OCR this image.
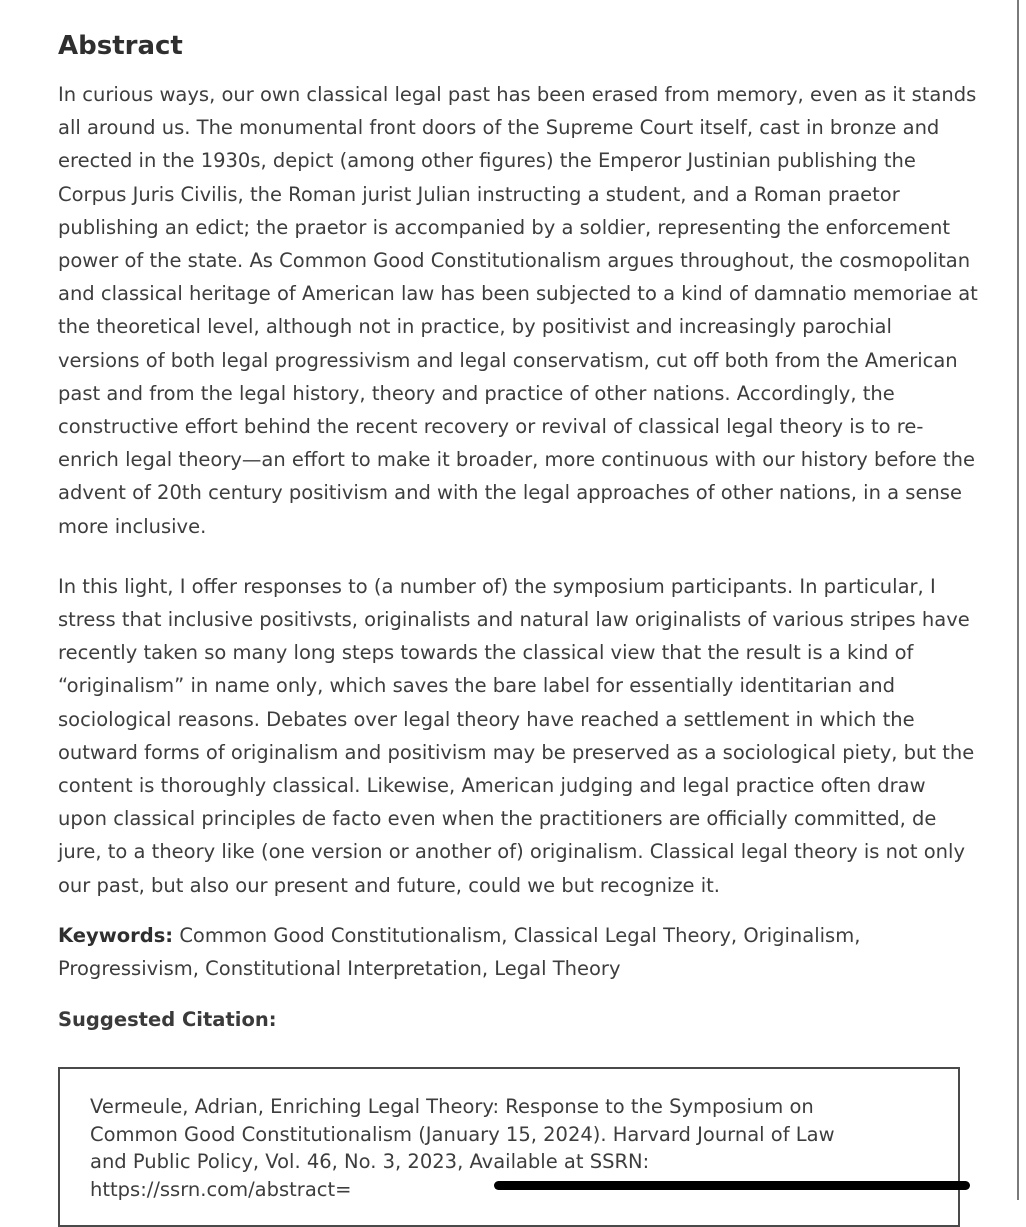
Abstract

In curious ways, our own classical legal past has been erased from memory, even as it stands all around us. The monumental front doors of the Supreme Court itself, cast in bronze and erected in the 1930s, depict (among other figures) the Emperor Justinian publishing the Corpus Juris Civilis, the Roman jurist Julian instructing a student, and a Roman praetor publishing an edict; the praetor is accompanied by a soldier, representing the enforcement power of the state. As Common Good Constitutionalism argues throughout, the cosmopolitan and classical heritage of American law has been subjected to a kind of damnatio memoriae at the theoretical level, although not in practice, by positivist and increasingly parochial versions of both legal progressivism and legal conservatism, cut off both from the American past and from the legal history, theory and practice of other nations. Accordingly, the constructive effort behind the recent recovery or revival of classical legal theory is to re-enrich legal theory—an effort to make it broader, more continuous with our history before the advent of 20th century positivism and with the legal approaches of other nations, in a sense more inclusive.

In this light, I offer responses to (a number of) the symposium participants. In particular, I stress that inclusive positivsts, originalists and natural law originalists of various stripes have recently taken so many long steps towards the classical view that the result is a kind of “originalism” in name only, which saves the bare label for essentially identitarian and sociological reasons. Debates over legal theory have reached a settlement in which the outward forms of originalism and positivism may be preserved as a sociological piety, but the content is thoroughly classical. Likewise, American judging and legal practice often draw upon classical principles de facto even when the practitioners are officially committed, de jure, to a theory like (one version or another of) originalism. Classical legal theory is not only our past, but also our present and future, could we but recognize it.

Keywords: Common Good Constitutionalism, Classical Legal Theory, Originalism, Progressivism, Constitutional Interpretation, Legal Theory

Suggested Citation:

Vermeule, Adrian, Enriching Legal Theory: Response to the Symposium on Common Good Constitutionalism (January 15, 2024). Harvard Journal of Law and Public Policy, Vol. 46, No. 3, 2023, Available at SSRN: https://ssrn.com/abstract=
